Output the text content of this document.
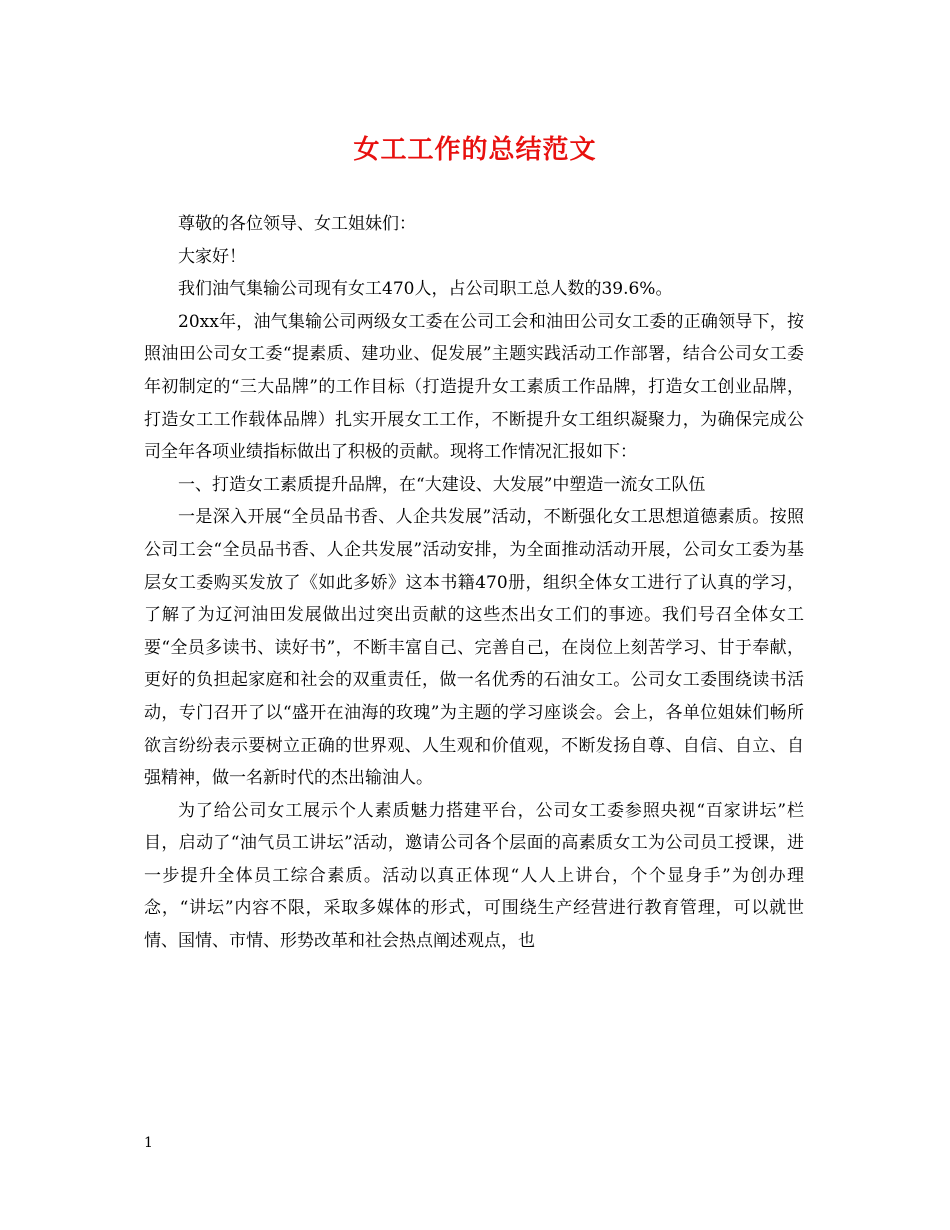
女工工作的总结范文

尊敬的各位领导、女工姐妹们：

大家好！

我们油气集输公司现有女工470人，占公司职工总人数的39.6%。

20xx年，油气集输公司两级女工委在公司工会和油田公司女工委的正确领导下，按照油田公司女工委“提素质、建功业、促发展”主题实践活动工作部署，结合公司女工委年初制定的“三大品牌”的工作目标（打造提升女工素质工作品牌，打造女工创业品牌，打造女工工作载体品牌）扎实开展女工工作，不断提升女工组织凝聚力，为确保完成公司全年各项业绩指标做出了积极的贡献。现将工作情况汇报如下：

一、打造女工素质提升品牌，在“大建设、大发展”中塑造一流女工队伍

一是深入开展“全员品书香、人企共发展”活动，不断强化女工思想道德素质。按照公司工会“全员品书香、人企共发展”活动安排，为全面推动活动开展，公司女工委为基层女工委购买发放了《如此多娇》这本书籍470册，组织全体女工进行了认真的学习，了解了为辽河油田发展做出过突出贡献的这些杰出女工们的事迹。我们号召全体女工要“全员多读书、读好书”，不断丰富自己、完善自己，在岗位上刻苦学习、甘于奉献，更好的负担起家庭和社会的双重责任，做一名优秀的石油女工。公司女工委围绕读书活动，专门召开了以“盛开在油海的玫瑰”为主题的学习座谈会。会上，各单位姐妹们畅所欲言纷纷表示要树立正确的世界观、人生观和价值观，不断发扬自尊、自信、自立、自强精神，做一名新时代的杰出输油人。

为了给公司女工展示个人素质魅力搭建平台，公司女工委参照央视“百家讲坛”栏目，启动了“油气员工讲坛”活动，邀请公司各个层面的高素质女工为公司员工授课，进一步提升全体员工综合素质。活动以真正体现“人人上讲台，个个显身手”为创办理念，“讲坛”内容不限，采取多媒体的形式，可围绕生产经营进行教育管理，可以就世情、国情、市情、形势改革和社会热点阐述观点，也

1
